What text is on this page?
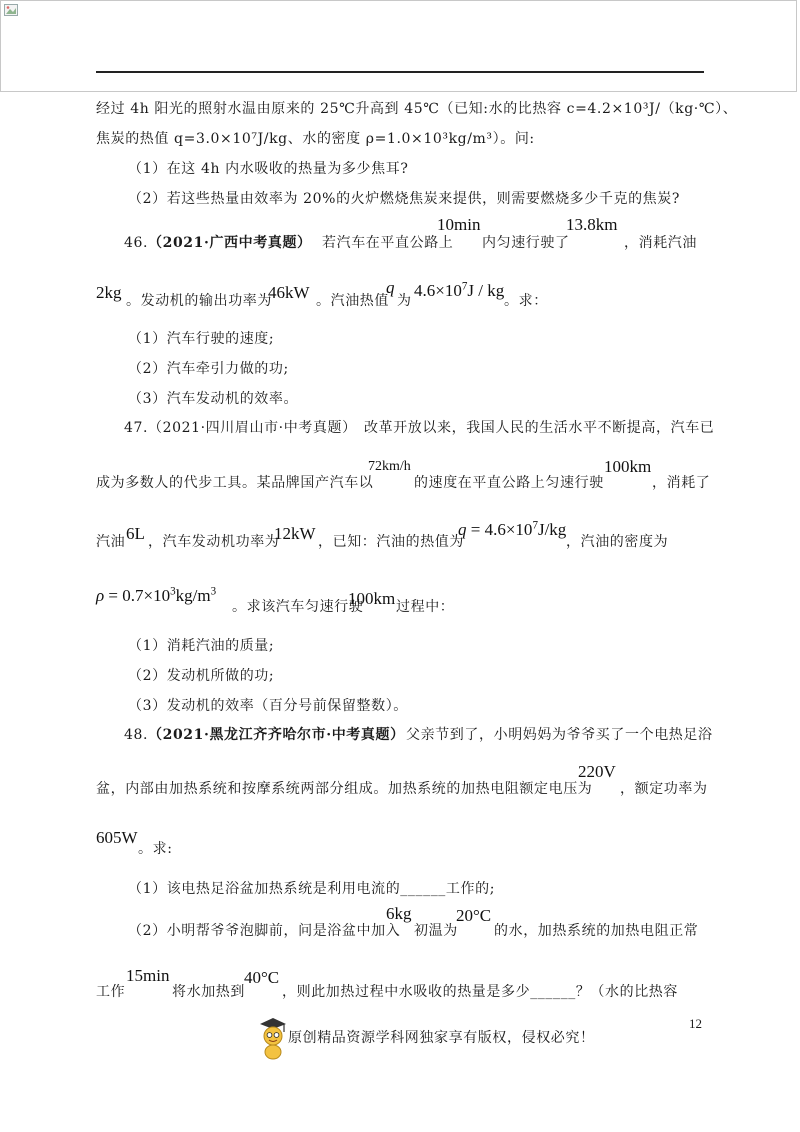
经过 4h 阳光的照射水温由原来的 25℃升高到 45℃（已知:水的比热容 c=4.2×10³J/（kg·℃）、
焦炭的热值 q=3.0×10⁷J/kg、水的密度 ρ=1.0×10³kg/m³）。问:
（1）在这 4h 内水吸收的热量为多少焦耳?
（2）若这些热量由效率为 20%的火炉燃烧焦炭来提供，则需要燃烧多少千克的焦炭?
46. （2021·广西中考真题） 若汽车在平直公路上
10min
内匀速行驶了
13.8km
，消耗汽油
2kg 。发动机的输出功率为
46kW 。汽油热值
q
为
$4.6\times 10^7J$ / kg
。求：
（1）汽车行驶的速度;
（2）汽车牵引力做的功;
（3）汽车发动机的效率。
47. （2021·四川眉山市·中考真题） 改革开放以来，我国人民的生活水平不断提高，汽车已
成为多数人的代步工具。某品牌国产汽车以
72km/h
的速度在平直公路上匀速行驶
100km
，消耗了
汽油 6L ，汽车发动机功率为
12kW ，已知：汽油的热值为
$q = 4.6\times 10^7J/kg$
，汽油的密度为
$\rho = 0.7\times 10^3kg/m^3$
。求该汽车匀速行驶
100km 过程中：
（1）消耗汽油的质量;
（2）发动机所做的功;
（3）发动机的效率（百分号前保留整数）。
48. （2021·黑龙江齐齐哈尔市·中考真题） 父亲节到了，小明妈妈为爷爷买了一个电热足浴
盆，内部由加热系统和按摩系统两部分组成。加热系统的加热电阻额定电压为
220V
，额定功率为
605W
。求:
（1）该电热足浴盆加热系统是利用电流的______工作的;
（2）小明帮爷爷泡脚前，问是浴盆中加入
6kg
初温为
20°C
的水，加热系统的加热电阻正常
工作
15min
将水加热到
40°C
，则此加热过程中水吸收的热量是多少______？（水的比热容
12
原创精品资源学科网独家享有版权，侵权必究！
